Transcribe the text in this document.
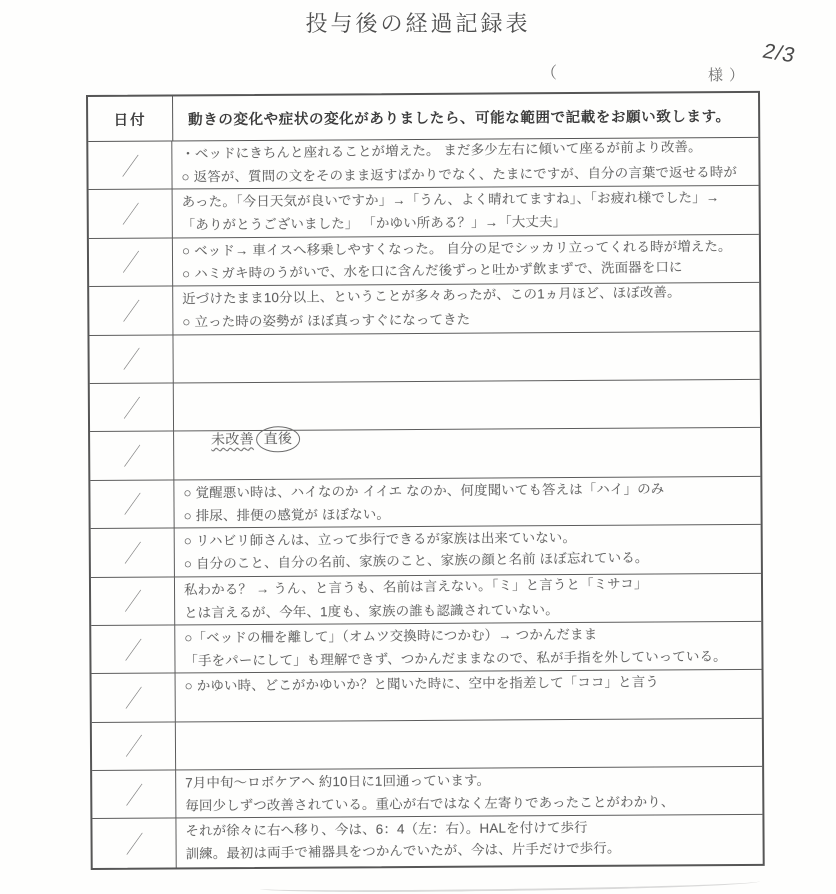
投与後の経過記録表
（	様）
2/3
日付	動きの変化や症状の変化がありましたら、可能な範囲で記載をお願い致します。
・ベッドにきちんと座れることが増えた。 まだ多少左右に傾いて座るが前より改善。
○ 返答が、質問の文をそのまま返すばかりでなく、たまにですが、自分の言葉で返せる時が
あった。「今日天気が良いですか」→「うん、よく晴れてますね」、「お疲れ様でした」→
「ありがとうございました」 「かゆい所ある？」→「大丈夫」
○ ベッド→ 車イスへ移乗しやすくなった。 自分の足でシッカリ立ってくれる時が増えた。
○ ハミガキ時のうがいで、水を口に含んだ後ずっと吐かず飲まずで、洗面器を口に
近づけたまま10分以上、ということが多々あったが、この1ヵ月ほど、ほぼ改善。
○ 立った時の姿勢が ほぼ真っすぐになってきた
未改善 直後
○ 覚醒悪い時は、ハイなのか イイエ なのか、何度聞いても答えは「ハイ」のみ
○ 排尿、排便の感覚が ほぼない。
○ リハビリ師さんは、立って歩行できるが家族は出来ていない。
○ 自分のこと、自分の名前、家族のこと、家族の顔と名前 ほぼ忘れている。
私わかる？ → うん、と言うも、名前は言えない。「ミ」と言うと「ミサコ」
とは言えるが、今年、1度も、家族の誰も認識されていない。
○「ベッドの柵を離して」（オムツ交換時につかむ）→ つかんだまま
「手をパーにして」も理解できず、つかんだままなので、私が手指を外していっている。
○ かゆい時、どこがかゆいか？と聞いた時に、空中を指差して「ココ」と言う
7月中旬～ロボケアへ 約10日に1回通っています。
毎回少しずつ改善されている。重心が右ではなく左寄りであったことがわかり、
それが徐々に右へ移り、今は、6：4（左：右）。HALを付けて歩行
訓練。最初は両手で補器具をつかんでいたが、今は、片手だけで歩行。
